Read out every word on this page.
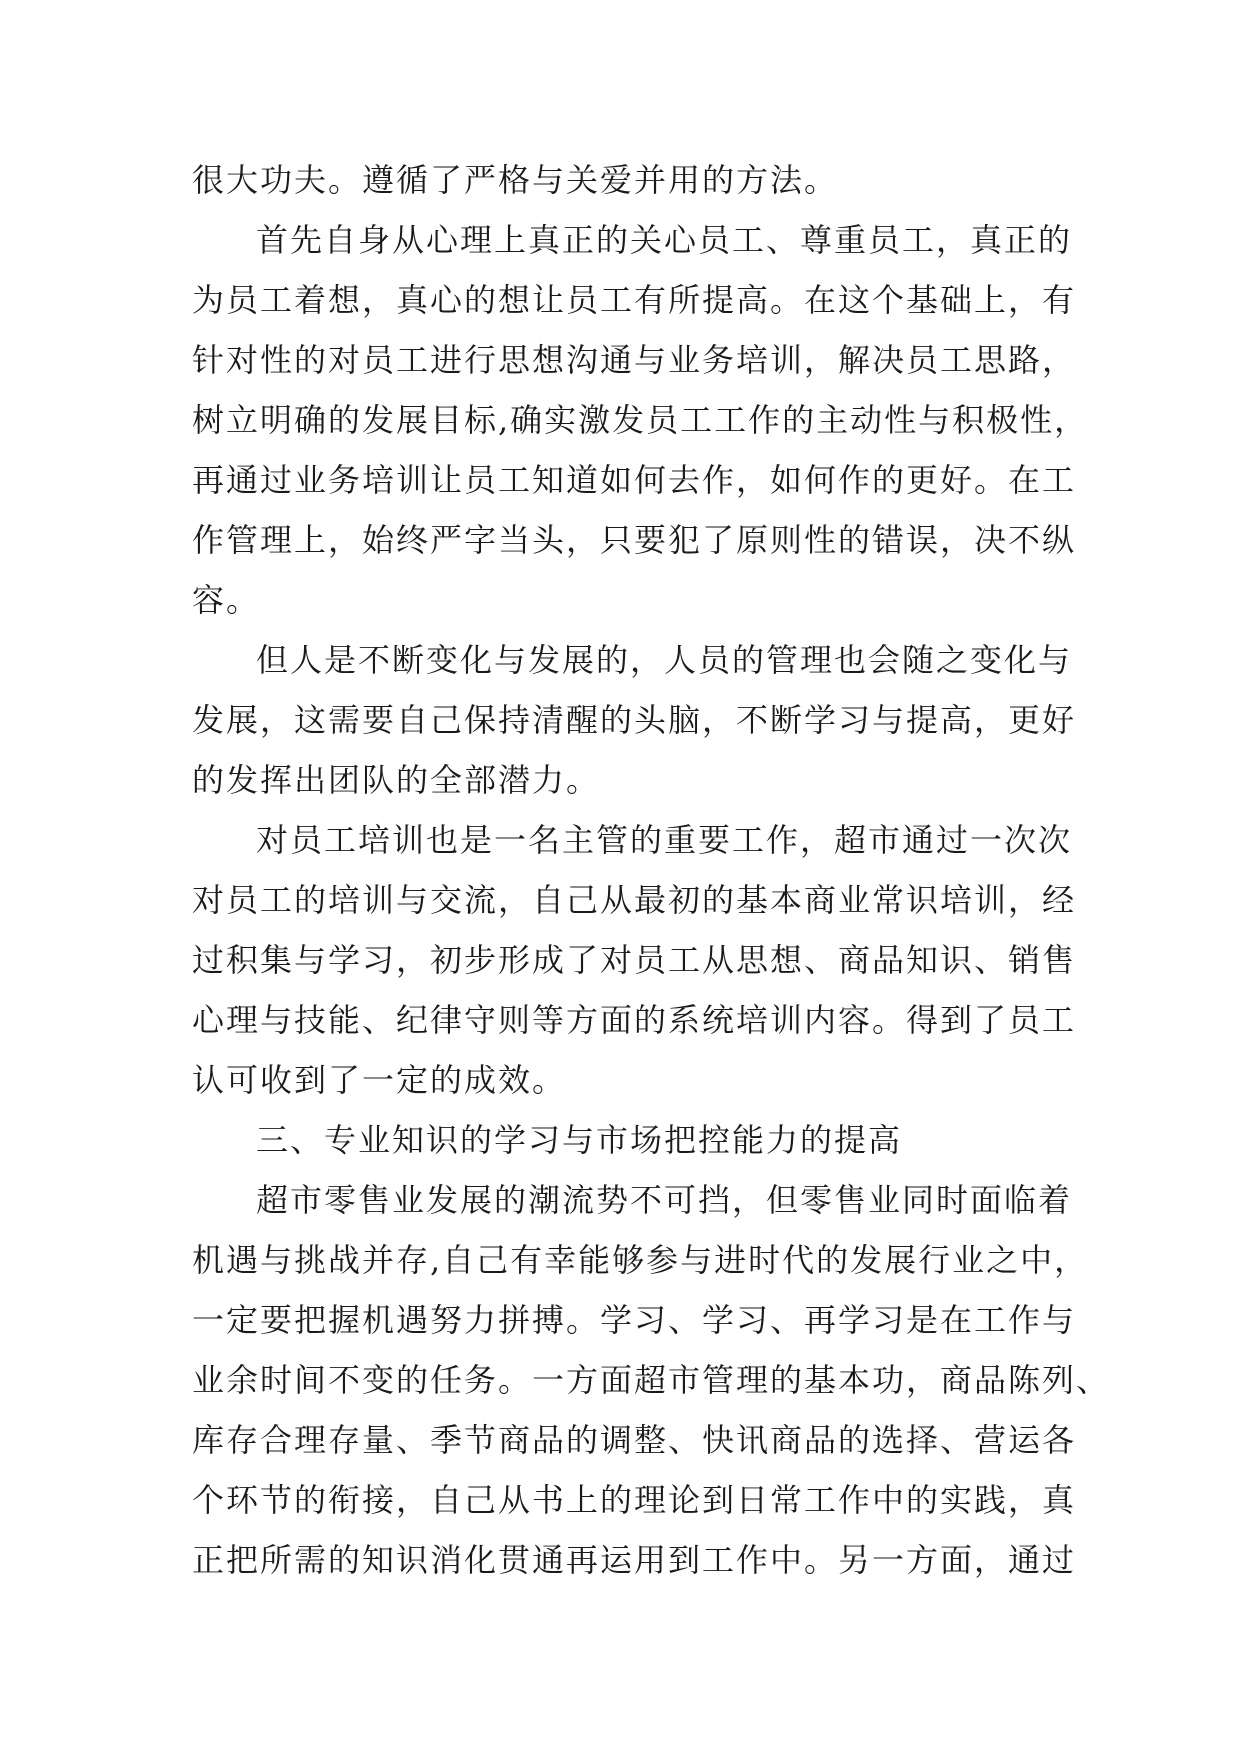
很大功夫。遵循了严格与关爱并用的方法。
首先自身从心理上真正的关心员工、尊重员工，真正的
为员工着想，真心的想让员工有所提高。在这个基础上，有
针对性的对员工进行思想沟通与业务培训，解决员工思路，
树立明确的发展目标,确实激发员工工作的主动性与积极性，
再通过业务培训让员工知道如何去作，如何作的更好。在工
作管理上，始终严字当头，只要犯了原则性的错误，决不纵
容。
但人是不断变化与发展的，人员的管理也会随之变化与
发展，这需要自己保持清醒的头脑，不断学习与提高，更好
的发挥出团队的全部潜力。
对员工培训也是一名主管的重要工作，超市通过一次次
对员工的培训与交流，自己从最初的基本商业常识培训，经
过积集与学习，初步形成了对员工从思想、商品知识、销售
心理与技能、纪律守则等方面的系统培训内容。得到了员工
认可收到了一定的成效。
三、专业知识的学习与市场把控能力的提高
超市零售业发展的潮流势不可挡，但零售业同时面临着
机遇与挑战并存,自己有幸能够参与进时代的发展行业之中，
一定要把握机遇努力拼搏。学习、学习、再学习是在工作与
业余时间不变的任务。一方面超市管理的基本功，商品陈列、
库存合理存量、季节商品的调整、快讯商品的选择、营运各
个环节的衔接，自己从书上的理论到日常工作中的实践，真
正把所需的知识消化贯通再运用到工作中。另一方面，通过
